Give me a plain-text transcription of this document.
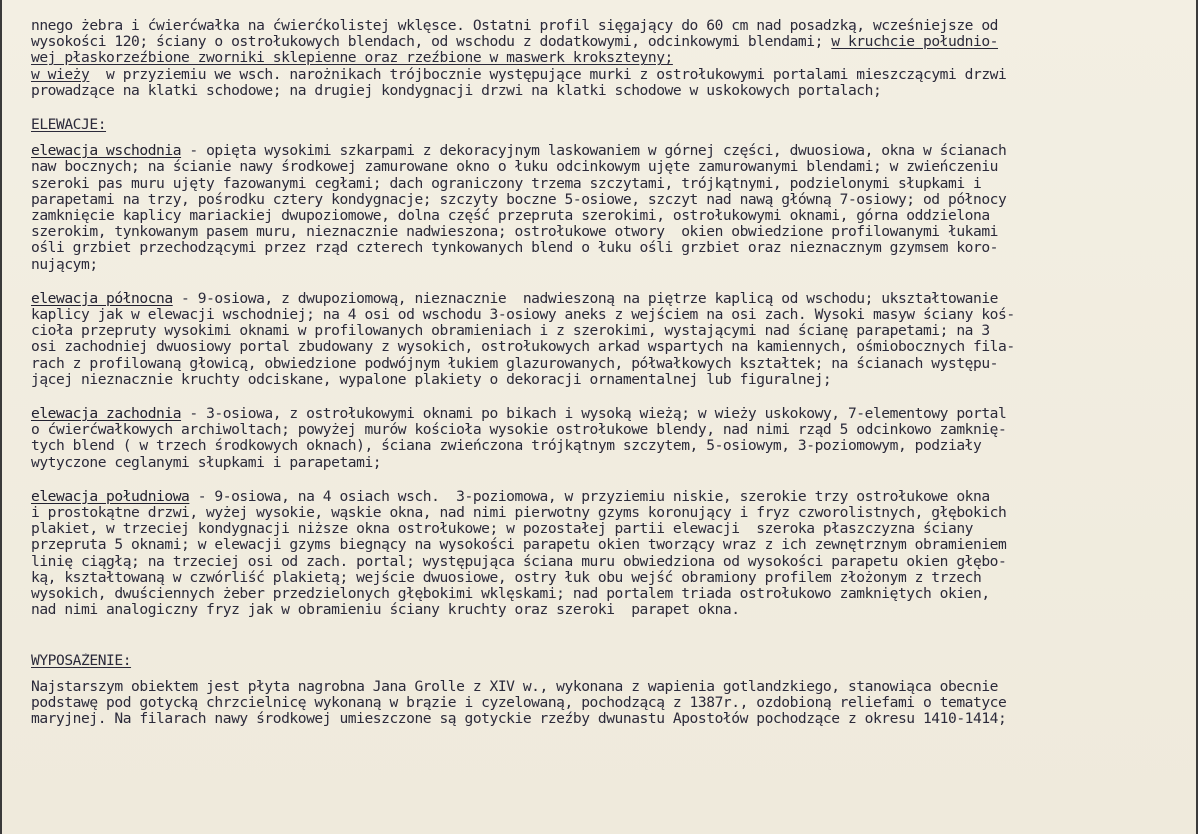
nnego żebra i ćwierćwałka na ćwierćkolistej wklęsce. Ostatni profil sięgający do 60 cm nad posadzką, wcześniejsze od
wysokości 120; ściany o ostrołukowych blendach, od wschodu z dodatkowymi, odcinkowymi blendami; w kruchcie południo-
wej płaskorzeźbione zworniki sklepienne oraz rzeźbione w maswerk krokszteyny;
w wieży  w przyziemiu we wsch. narożnikach trójbocznie występujące murki z ostrołukowymi portalami mieszczącymi drzwi
prowadzące na klatki schodowe; na drugiej kondygnacji drzwi na klatki schodowe w uskokowych portalach;
ELEWACJE:
elewacja wschodnia - opięta wysokimi szkarpami z dekoracyjnym laskowaniem w górnej części, dwuosiowa, okna w ścianach
naw bocznych; na ścianie nawy środkowej zamurowane okno o łuku odcinkowym ujęte zamurowanymi blendami; w zwieńczeniu
szeroki pas muru ujęty fazowanymi cegłami; dach ograniczony trzema szczytami, trójkątnymi, podzielonymi słupkami i
parapetami na trzy, pośrodku cztery kondygnacje; szczyty boczne 5-osiowe, szczyt nad nawą główną 7-osiowy; od północy
zamknięcie kaplicy mariackiej dwupoziomowe, dolna część przepruta szerokimi, ostrołukowymi oknami, górna oddzielona
szerokim, tynkowanym pasem muru, nieznacznie nadwieszona; ostrołukowe otwory  okien obwiedzione profilowanymi łukami
ośli grzbiet przechodzącymi przez rząd czterech tynkowanych blend o łuku ośli grzbiet oraz nieznacznym gzymsem koro-
nującym;
elewacja północna - 9-osiowa, z dwupoziomową, nieznacznie  nadwieszoną na piętrze kaplicą od wschodu; ukształtowanie
kaplicy jak w elewacji wschodniej; na 4 osi od wschodu 3-osiowy aneks z wejściem na osi zach. Wysoki masyw ściany koś-
cioła przepruty wysokimi oknami w profilowanych obramieniach i z szerokimi, wystającymi nad ścianę parapetami; na 3
osi zachodniej dwuosiowy portal zbudowany z wysokich, ostrołukowych arkad wspartych na kamiennych, ośmiobocznych fila-
rach z profilowaną głowicą, obwiedzione podwójnym łukiem glazurowanych, półwałkowych kształtek; na ścianach występu-
jącej nieznacznie kruchty odciskane, wypalone plakiety o dekoracji ornamentalnej lub figuralnej;
elewacja zachodnia - 3-osiowa, z ostrołukowymi oknami po bikach i wysoką wieżą; w wieży uskokowy, 7-elementowy portal
o ćwierćwałkowych archiwoltach; powyżej murów kościoła wysokie ostrołukowe blendy, nad nimi rząd 5 odcinkowo zamknię-
tych blend ( w trzech środkowych oknach), ściana zwieńczona trójkątnym szczytem, 5-osiowym, 3-poziomowym, podziały
wytyczone ceglanymi słupkami i parapetami;
elewacja południowa - 9-osiowa, na 4 osiach wsch.  3-poziomowa, w przyziemiu niskie, szerokie trzy ostrołukowe okna
i prostokątne drzwi, wyżej wysokie, wąskie okna, nad nimi pierwotny gzyms koronujący i fryz czworolistnych, głębokich
plakiet, w trzeciej kondygnacji niższe okna ostrołukowe; w pozostałej partii elewacji  szeroka płaszczyzna ściany
przepruta 5 oknami; w elewacji gzyms biegnący na wysokości parapetu okien tworzący wraz z ich zewnętrznym obramieniem
linię ciągłą; na trzeciej osi od zach. portal; występująca ściana muru obwiedziona od wysokości parapetu okien głębo-
ką, kształtowaną w czwórliść plakietą; wejście dwuosiowe, ostry łuk obu wejść obramiony profilem złożonym z trzech
wysokich, dwuściennych żeber przedzielonych głębokimi wklęskami; nad portalem triada ostrołukowo zamkniętych okien,
nad nimi analogiczny fryz jak w obramieniu ściany kruchty oraz szeroki  parapet okna.
WYPOSAŻENIE:
Najstarszym obiektem jest płyta nagrobna Jana Grolle z XIV w., wykonana z wapienia gotlandzkiego, stanowiąca obecnie
podstawę pod gotycką chrzcielnicę wykonaną w brązie i cyzelowaną, pochodzącą z 1387r., ozdobioną reliefami o tematyce
maryjnej. Na filarach nawy środkowej umieszczone są gotyckie rzeźby dwunastu Apostołów pochodzące z okresu 1410-1414;
